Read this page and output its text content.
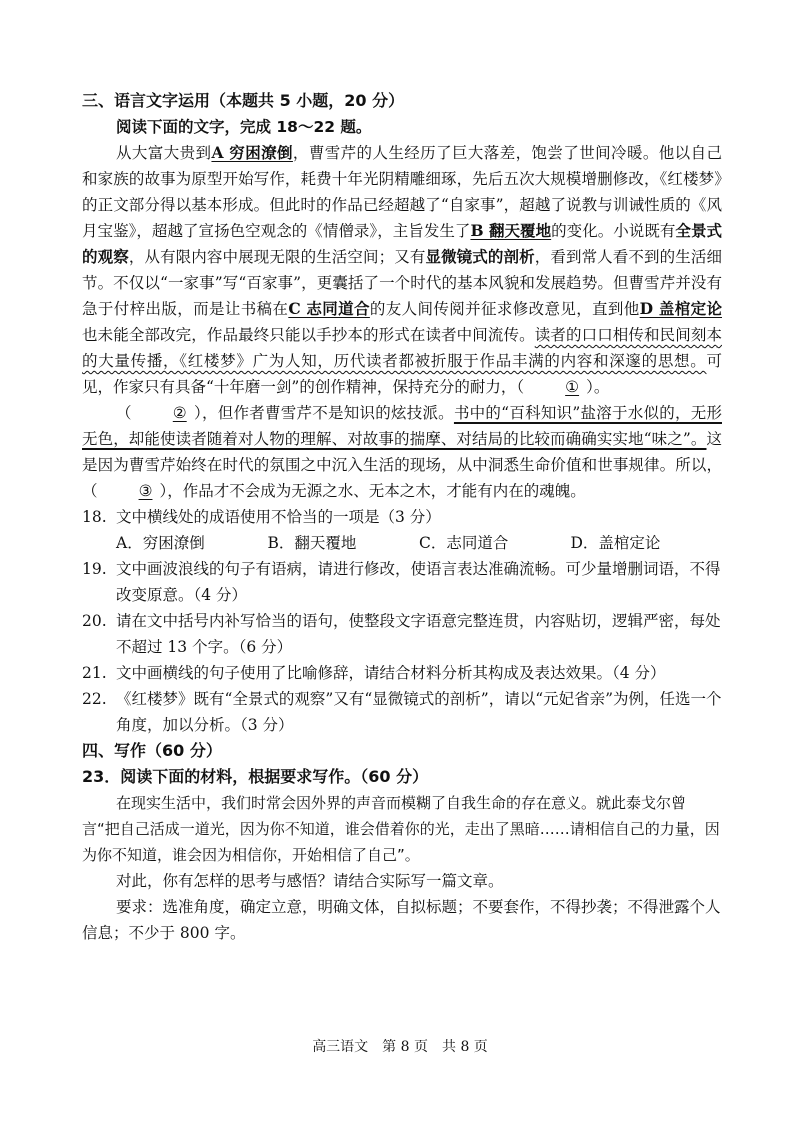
三、语言文字运用（本题共 5 小题，20 分）
阅读下面的文字，完成 18～22 题。

从大富大贵到A 穷困潦倒，曹雪芹的人生经历了巨大落差，饱尝了世间冷暖。他以自己和家族的故事为原型开始写作，耗费十年光阴精雕细琢，先后五次大规模增删修改，《红楼梦》的正文部分得以基本形成。但此时的作品已经超越了“自家事”，超越了说教与训诫性质的《风月宝鉴》，超越了宣扬色空观念的《情僧录》，主旨发生了B 翻天覆地的变化。小说既有全景式的观察，从有限内容中展现无限的生活空间；又有显微镜式的剖析，看到常人看不到的生活细节。不仅以“一家事”写“百家事”，更囊括了一个时代的基本风貌和发展趋势。但曹雪芹并没有急于付梓出版，而是让书稿在C 志同道合的友人间传阅并征求修改意见，直到他D 盖棺定论也未能全部改完，作品最终只能以手抄本的形式在读者中间流传。读者的口口相传和民间刻本的大量传播，《红楼梦》广为人知，历代读者都被折服于作品丰满的内容和深邃的思想。可见，作家只有具备“十年磨一剑”的创作精神，保持充分的耐力，（	① ）。

（	② ），但作者曹雪芹不是知识的炫技派。书中的“百科知识”盐溶于水似的，无形无色，却能使读者随着对人物的理解、对故事的揣摩、对结局的比较而确确实实地“味之”。这是因为曹雪芹始终在时代的氛围之中沉入生活的现场，从中洞悉生命价值和世事规律。所以，（	③ ），作品才不会成为无源之水、无本之木，才能有内在的魂魄。

18. 文中横线处的成语使用不恰当的一项是（3 分）
A．穷困潦倒	B．翻天覆地	C．志同道合	D．盖棺定论
19. 文中画波浪线的句子有语病，请进行修改，使语言表达准确流畅。可少量增删词语，不得改变原意。（4 分）
20. 请在文中括号内补写恰当的语句，使整段文字语意完整连贯，内容贴切，逻辑严密，每处不超过 13 个字。（6 分）
21. 文中画横线的句子使用了比喻修辞，请结合材料分析其构成及表达效果。（4 分）
22. 《红楼梦》既有“全景式的观察”又有“显微镜式的剖析”，请以“元妃省亲”为例，任选一个角度，加以分析。（3 分）
四、写作（60 分）
23．阅读下面的材料，根据要求写作。（60 分）

在现实生活中，我们时常会因外界的声音而模糊了自我生命的存在意义。就此泰戈尔曾言“把自己活成一道光，因为你不知道，谁会借着你的光，走出了黑暗……请相信自己的力量，因为你不知道，谁会因为相信你，开始相信了自己”。

对此，你有怎样的思考与感悟？请结合实际写一篇文章。

要求：选准角度，确定立意，明确文体，自拟标题；不要套作，不得抄袭；不得泄露个人信息；不少于 800 字。

高三语文　第 8 页　共 8 页
